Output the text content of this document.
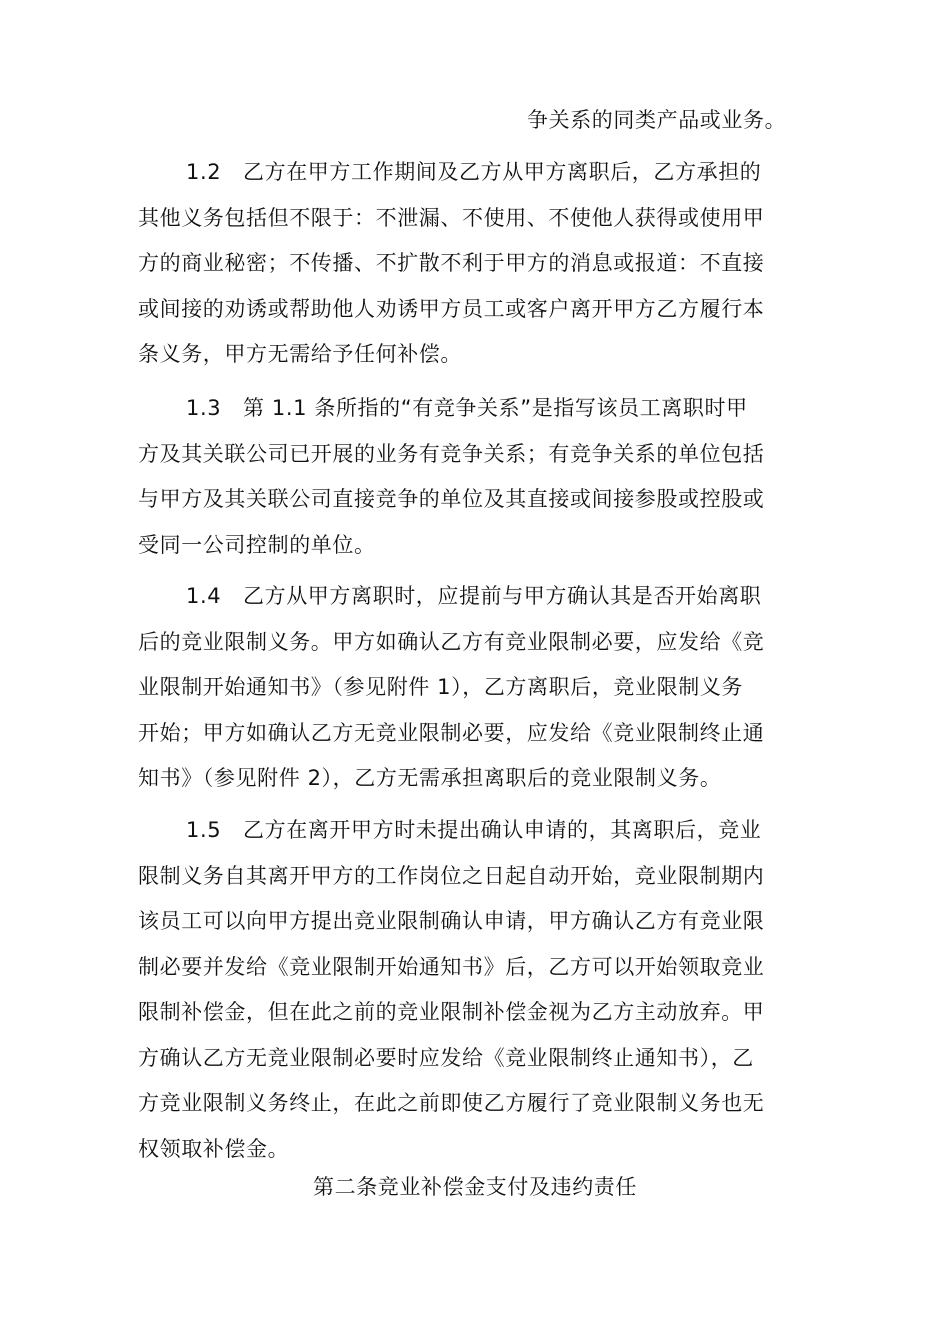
争关系的同类产品或业务。
1.2 乙方在甲方工作期间及乙方从甲方离职后，乙方承担的
其他义务包括但不限于：不泄漏、不使用、不使他人获得或使用甲
方的商业秘密；不传播、不扩散不利于甲方的消息或报道：不直接
或间接的劝诱或帮助他人劝诱甲方员工或客户离开甲方乙方履行本
条义务，甲方无需给予任何补偿。
1.3 第 1.1 条所指的“有竞争关系”是指写该员工离职时甲
方及其关联公司已开展的业务有竞争关系；有竞争关系的单位包括
与甲方及其关联公司直接竞争的单位及其直接或间接参股或控股或
受同一公司控制的单位。
1.4 乙方从甲方离职时，应提前与甲方确认其是否开始离职
后的竞业限制义务。甲方如确认乙方有竞业限制必要，应发给《竞
业限制开始通知书》（参见附件 1），乙方离职后，竞业限制义务
开始；甲方如确认乙方无竞业限制必要，应发给《竞业限制终止通
知书》（参见附件 2），乙方无需承担离职后的竞业限制义务。
1.5 乙方在离开甲方时未提出确认申请的，其离职后，竞业
限制义务自其离开甲方的工作岗位之日起自动开始，竞业限制期内
该员工可以向甲方提出竞业限制确认申请，甲方确认乙方有竞业限
制必要并发给《竞业限制开始通知书》后，乙方可以开始领取竞业
限制补偿金，但在此之前的竞业限制补偿金视为乙方主动放弃。甲
方确认乙方无竞业限制必要时应发给《竞业限制终止通知书），乙
方竞业限制义务终止，在此之前即使乙方履行了竞业限制义务也无
权领取补偿金。
第二条竞业补偿金支付及违约责任
